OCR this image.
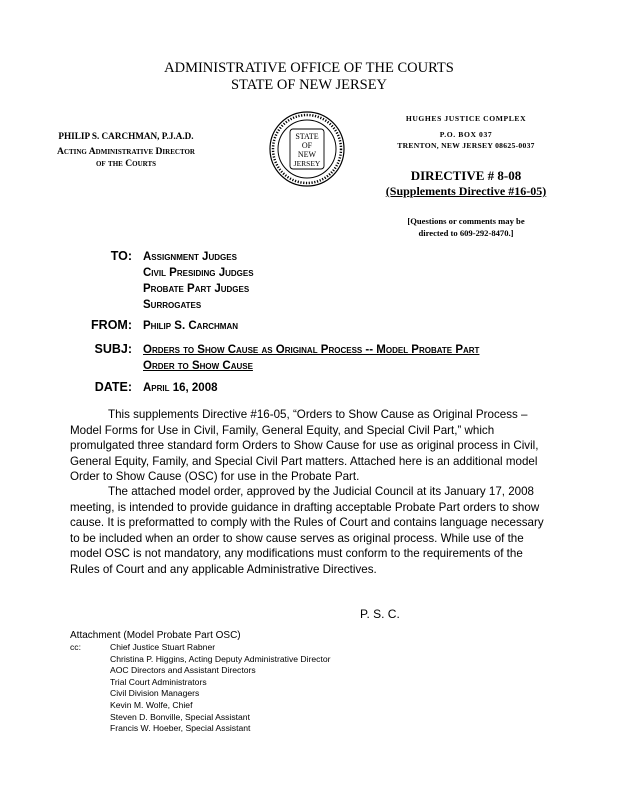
ADMINISTRATIVE OFFICE OF THE COURTS
STATE OF NEW JERSEY
PHILIP S. CARCHMAN, P.J.A.D.
Acting Administrative Director
of the Courts
STATE
OF
NEW
JERSEY
HUGHES JUSTICE COMPLEX
P.O. BOX 037
TRENTON, NEW JERSEY 08625-0037
DIRECTIVE # 8-08
(Supplements Directive #16-05)
[Questions or comments may be
directed to 609-292-8470.]
TO: Assignment Judges
Civil Presiding Judges
Probate Part Judges
Surrogates
FROM: Philip S. Carchman
SUBJ: Orders to Show Cause as Original Process -- Model Probate Part
Order to Show Cause
DATE: April 16, 2008
This supplements Directive #16-05, “Orders to Show Cause as Original Process – Model Forms for Use in Civil, Family, General Equity, and Special Civil Part,” which promulgated three standard form Orders to Show Cause for use as original process in Civil, General Equity, Family, and Special Civil Part matters. Attached here is an additional model Order to Show Cause (OSC) for use in the Probate Part.
The attached model order, approved by the Judicial Council at its January 17, 2008 meeting, is intended to provide guidance in drafting acceptable Probate Part orders to show cause. It is preformatted to comply with the Rules of Court and contains language necessary to be included when an order to show cause serves as original process. While use of the model OSC is not mandatory, any modifications must conform to the requirements of the Rules of Court and any applicable Administrative Directives.
P. S. C.
Attachment (Model Probate Part OSC)
cc:	Chief Justice Stuart Rabner
Christina P. Higgins, Acting Deputy Administrative Director
AOC Directors and Assistant Directors
Trial Court Administrators
Civil Division Managers
Kevin M. Wolfe, Chief
Steven D. Bonville, Special Assistant
Francis W. Hoeber, Special Assistant
